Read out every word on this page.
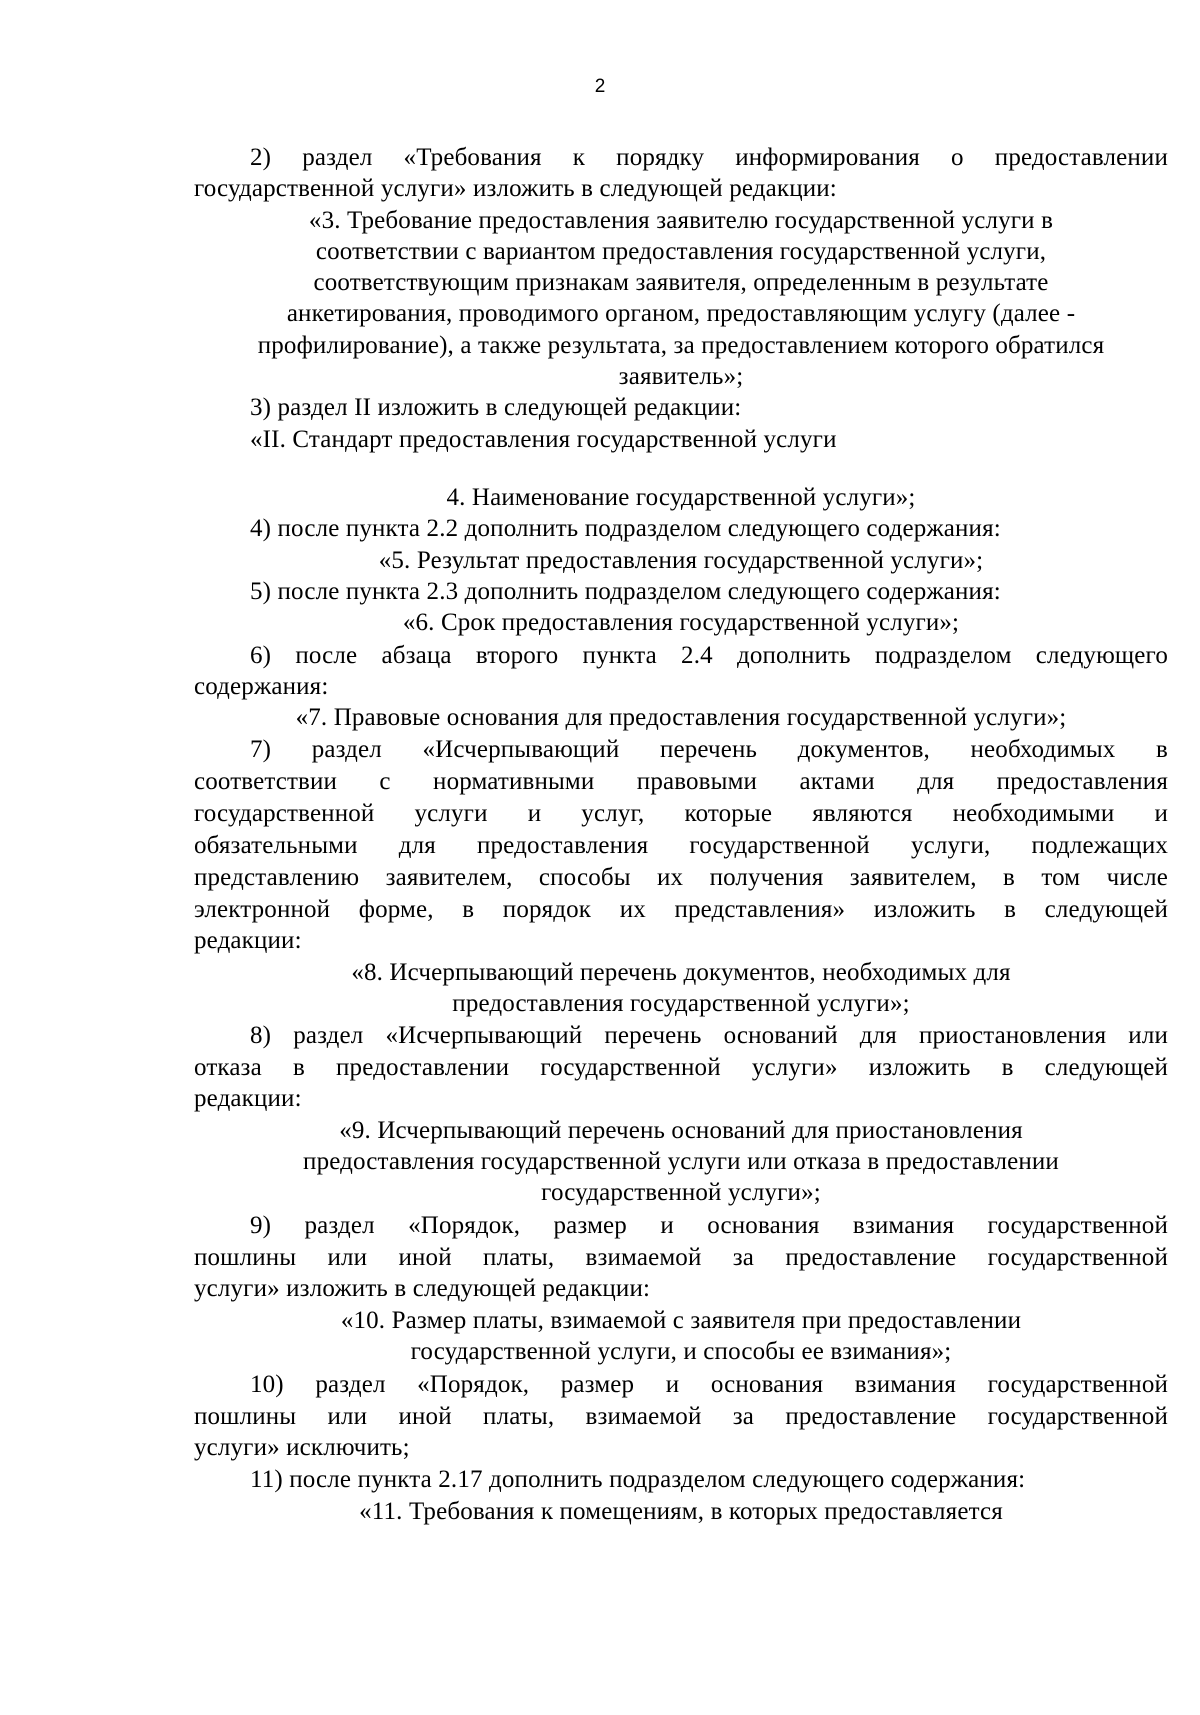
2
2) раздел «Требования к порядку информирования о предоставлении
государственной услуги» изложить в следующей редакции:
«3. Требование предоставления заявителю государственной услуги в
соответствии с вариантом предоставления государственной услуги,
соответствующим признакам заявителя, определенным в результате
анкетирования, проводимого органом, предоставляющим услугу (далее -
профилирование), а также результата, за предоставлением которого обратился
заявитель»;
3) раздел II изложить в следующей редакции:
«II. Стандарт предоставления государственной услуги
4. Наименование государственной услуги»;
4) после пункта 2.2 дополнить подразделом следующего содержания:
«5. Результат предоставления государственной услуги»;
5) после пункта 2.3 дополнить подразделом следующего содержания:
«6. Срок предоставления государственной услуги»;
6) после абзаца второго пункта 2.4 дополнить подразделом следующего
содержания:
«7. Правовые основания для предоставления государственной услуги»;
7) раздел «Исчерпывающий перечень документов, необходимых в
соответствии с нормативными правовыми актами для предоставления
государственной услуги и услуг, которые являются необходимыми и
обязательными для предоставления государственной услуги, подлежащих
представлению заявителем, способы их получения заявителем, в том числе
электронной форме, в порядок их представления» изложить в следующей
редакции:
«8. Исчерпывающий перечень документов, необходимых для
предоставления государственной услуги»;
8) раздел «Исчерпывающий перечень оснований для приостановления или
отказа в предоставлении государственной услуги» изложить в следующей
редакции:
«9. Исчерпывающий перечень оснований для приостановления
предоставления государственной услуги или отказа в предоставлении
государственной услуги»;
9) раздел «Порядок, размер и основания взимания государственной
пошлины или иной платы, взимаемой за предоставление государственной
услуги» изложить в следующей редакции:
«10. Размер платы, взимаемой с заявителя при предоставлении
государственной услуги, и способы ее взимания»;
10) раздел «Порядок, размер и основания взимания государственной
пошлины или иной платы, взимаемой за предоставление государственной
услуги» исключить;
11) после пункта 2.17 дополнить подразделом следующего содержания:
«11. Требования к помещениям, в которых предоставляется
